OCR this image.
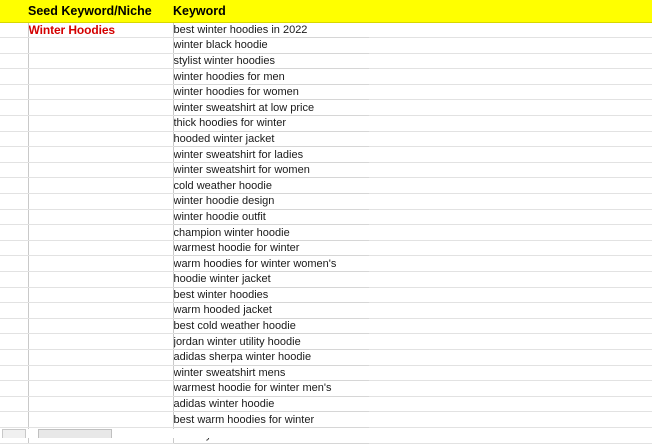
	Seed Keyword/Niche	Keyword	
	Winter Hoodies	best winter hoodies in 2022	
		winter black hoodie	
		stylist winter hoodies	
		winter hoodies for men	
		winter hoodies for women	
		winter sweatshirt at low price	
		thick hoodies for winter	
		hooded winter jacket	
		winter sweatshirt for ladies	
		winter sweatshirt for women	
		cold weather hoodie	
		winter hoodie design	
		winter hoodie outfit	
		champion winter hoodie	
		warmest hoodie for winter	
		warm hoodies for winter women's	
		hoodie winter jacket	
		best winter hoodies	
		warm hooded jacket	
		best cold weather hoodie	
		jordan winter utility hoodie	
		adidas sherpa winter hoodie	
		winter sweatshirt mens	
		warmest hoodie for winter men's	
		adidas winter hoodie	
		best warm hoodies for winter	
